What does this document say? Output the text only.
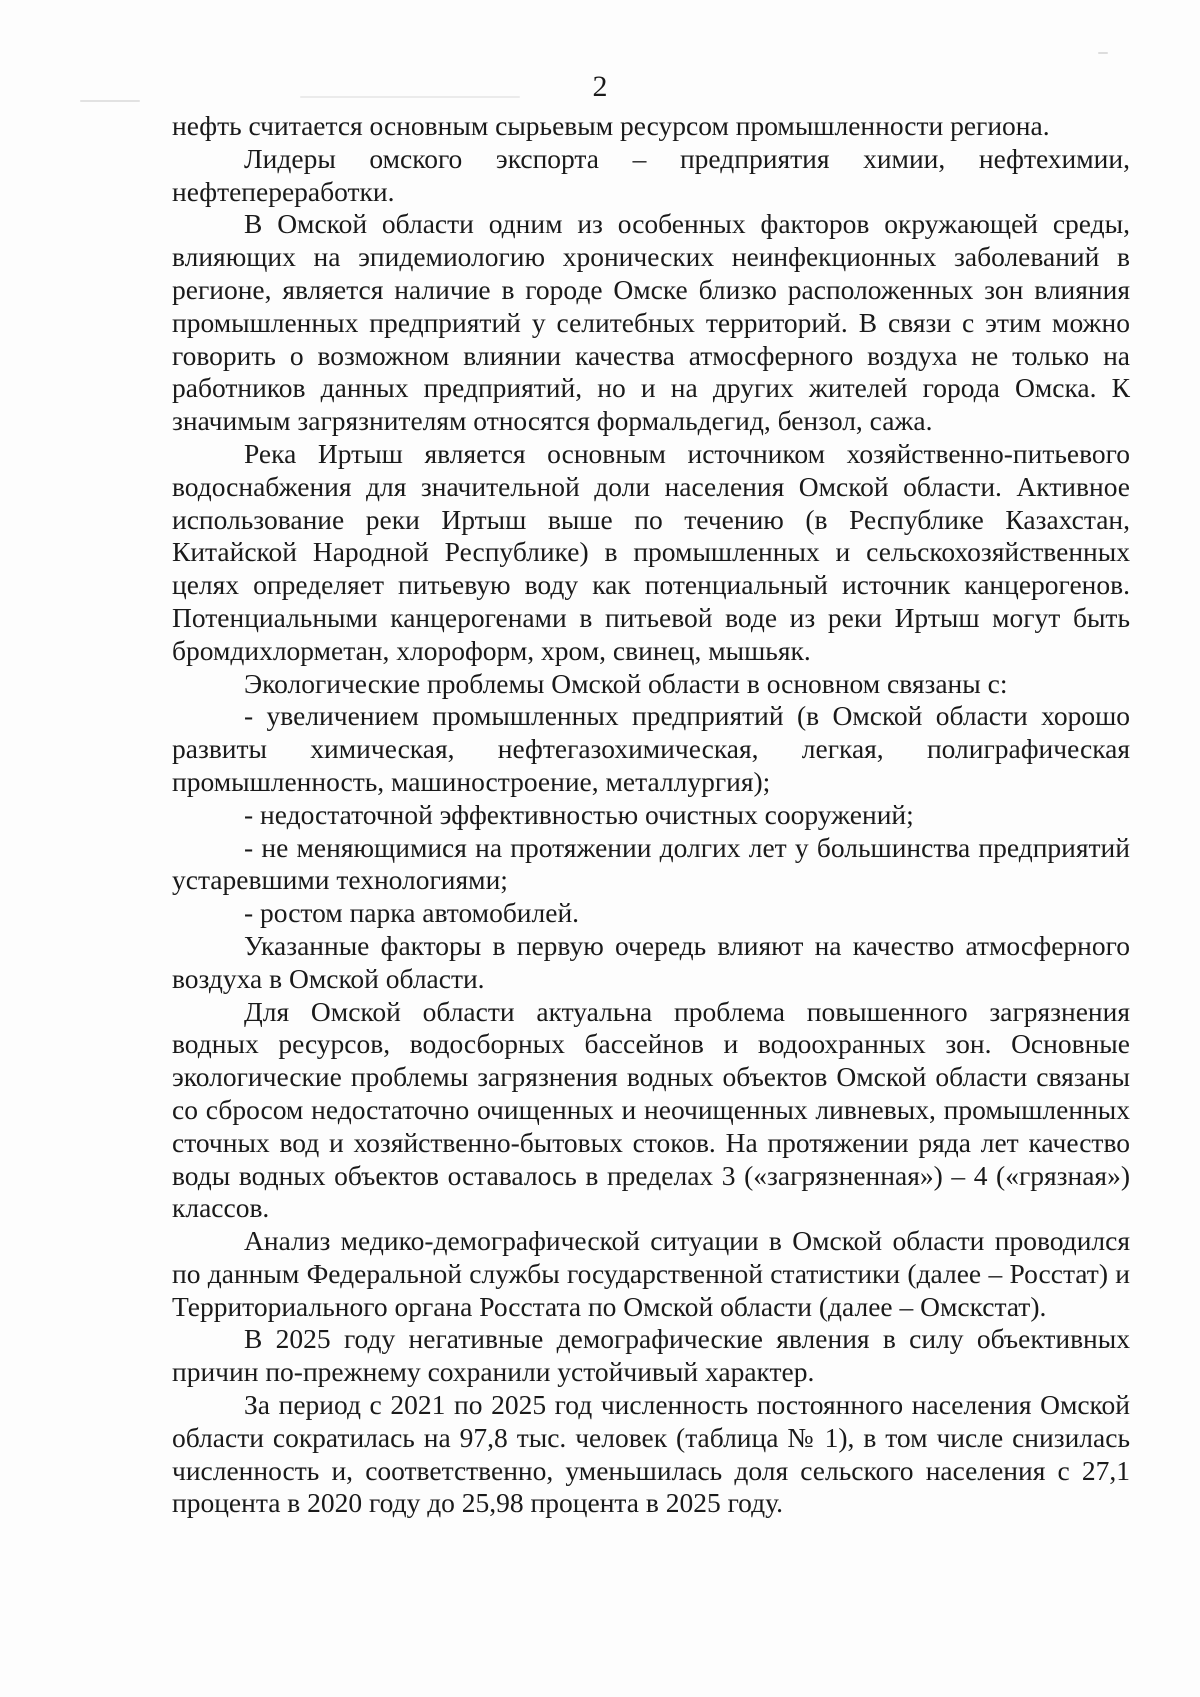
2

нефть считается основным сырьевым ресурсом промышленности региона.

Лидеры омского экспорта – предприятия химии, нефтехимии, нефтепереработки.

В Омской области одним из особенных факторов окружающей среды, влияющих на эпидемиологию хронических неинфекционных заболеваний в регионе, является наличие в городе Омске близко расположенных зон влияния промышленных предприятий у селитебных территорий. В связи с этим можно говорить о возможном влиянии качества атмосферного воздуха не только на работников данных предприятий, но и на других жителей города Омска. К значимым загрязнителям относятся формальдегид, бензол, сажа.

Река Иртыш является основным источником хозяйственно-питьевого водоснабжения для значительной доли населения Омской области. Активное использование реки Иртыш выше по течению (в Республике Казахстан, Китайской Народной Республике) в промышленных и сельскохозяйственных целях определяет питьевую воду как потенциальный источник канцерогенов. Потенциальными канцерогенами в питьевой воде из реки Иртыш могут быть бромдихлорметан, хлороформ, хром, свинец, мышьяк.

Экологические проблемы Омской области в основном связаны с:

- увеличением промышленных предприятий (в Омской области хорошо развиты химическая, нефтегазохимическая, легкая, полиграфическая промышленность, машиностроение, металлургия);

- недостаточной эффективностью очистных сооружений;

- не меняющимися на протяжении долгих лет у большинства предприятий устаревшими технологиями;

- ростом парка автомобилей.

Указанные факторы в первую очередь влияют на качество атмосферного воздуха в Омской области.

Для Омской области актуальна проблема повышенного загрязнения водных ресурсов, водосборных бассейнов и водоохранных зон. Основные экологические проблемы загрязнения водных объектов Омской области связаны со сбросом недостаточно очищенных и неочищенных ливневых, промышленных сточных вод и хозяйственно-бытовых стоков. На протяжении ряда лет качество воды водных объектов оставалось в пределах 3 («загрязненная») – 4 («грязная») классов.

Анализ медико-демографической ситуации в Омской области проводился по данным Федеральной службы государственной статистики (далее – Росстат) и Территориального органа Росстата по Омской области (далее – Омскстат).

В 2025 году негативные демографические явления в силу объективных причин по-прежнему сохранили устойчивый характер.

За период с 2021 по 2025 год численность постоянного населения Омской области сократилась на 97,8 тыс. человек (таблица № 1), в том числе снизилась численность и, соответственно, уменьшилась доля сельского населения с 27,1 процента в 2020 году до 25,98 процента в 2025 году.
